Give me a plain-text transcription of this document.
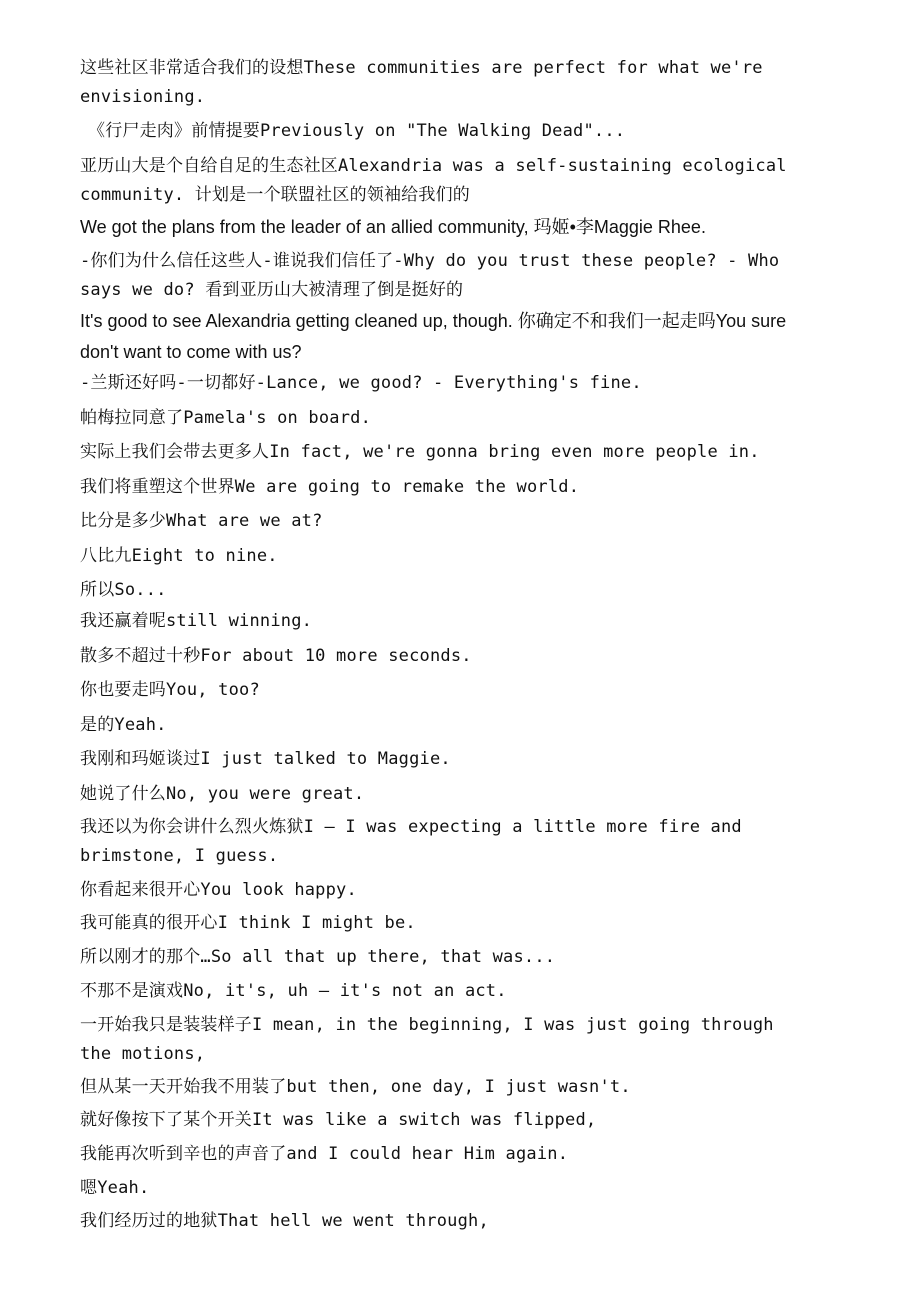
这些社区非常适合我们的设想These communities are perfect for what we're envisioning.

《行尸走肉》前情提要Previously on "The Walking Dead"...

亚历山大是个自给自足的生态社区Alexandria was a self-sustaining ecological community. 计划是一个联盟社区的领袖给我们的

We got the plans from the leader of an allied community, 玛姬•李Maggie Rhee.

-你们为什么信任这些人-谁说我们信任了-Why do you trust these people? - Who says we do? 看到亚历山大被清理了倒是挺好的

It's good to see Alexandria getting cleaned up, though. 你确定不和我们一起走吗You sure don't want to come with us?

-兰斯还好吗-一切都好-Lance, we good? - Everything's fine.

帕梅拉同意了Pamela's on board.

实际上我们会带去更多人In fact, we're gonna bring even more people in.

我们将重塑这个世界We are going to remake the world.

比分是多少What are we at?

八比九Eight to nine.

所以So...

我还赢着呢still winning.

散多不超过十秒For about 10 more seconds.

你也要走吗You, too?

是的Yeah.

我刚和玛姬谈过I just talked to Maggie.

她说了什么No, you were great.

我还以为你会讲什么烈火炼狱I — I was expecting a little more fire and brimstone, I guess.

你看起来很开心You look happy.

我可能真的很开心I think I might be.

所以刚才的那个…So all that up there, that was...

不那不是演戏No, it's, uh — it's not an act.

一开始我只是装装样子I mean, in the beginning, I was just going through the motions,

但从某一天开始我不用装了but then, one day, I just wasn't.

就好像按下了某个开关It was like a switch was flipped,

我能再次听到辛也的声音了and I could hear Him again.

嗯Yeah.

我们经历过的地狱That hell we went through,
